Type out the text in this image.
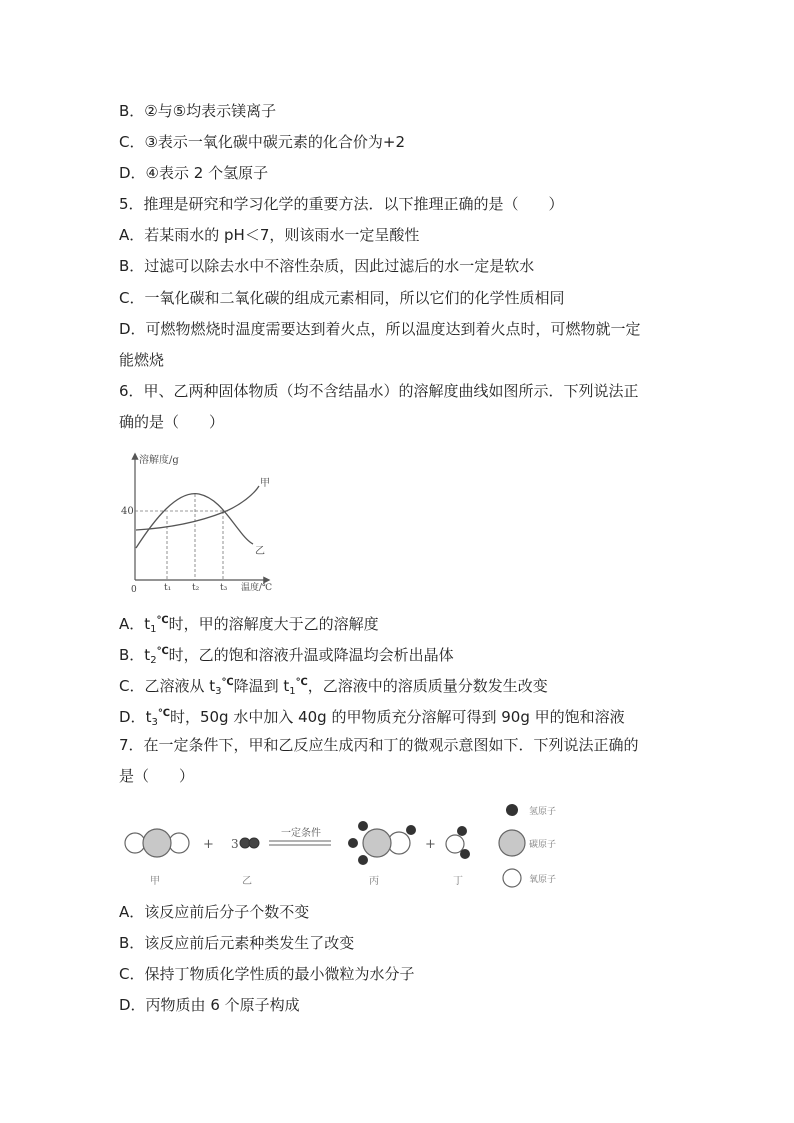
B．②与⑤均表示镁离子
C．③表示一氧化碳中碳元素的化合价为+2
D．④表示 2 个氢原子
5．推理是研究和学习化学的重要方法．以下推理正确的是（　　）
A．若某雨水的 pH＜7，则该雨水一定呈酸性
B．过滤可以除去水中不溶性杂质，因此过滤后的水一定是软水
C．一氧化碳和二氧化碳的组成元素相同，所以它们的化学性质相同
D．可燃物燃烧时温度需要达到着火点，所以温度达到着火点时，可燃物就一定
能燃烧
6．甲、乙两种固体物质（均不含结晶水）的溶解度曲线如图所示．下列说法正
确的是（　　）
溶解度/g
40
0	t₁ t₂ t₃ 温度/℃
甲
乙
A．$t_1^℃$时，甲的溶解度大于乙的溶解度
B．$t_2^℃$时，乙的饱和溶液升温或降温均会析出晶体
C．乙溶液从 $t_3^℃$降温到 $t_1^℃$，乙溶液中的溶质质量分数发生改变
D．$t_3^℃$时，50g 水中加入 40g 的甲物质充分溶解可得到 90g 甲的饱和溶液
7．在一定条件下，甲和乙反应生成丙和丁的微观示意图如下．下列说法正确的
是（　　）
+ 3
一定条件
+
甲	乙	丙	丁
氢原子
碳原子
氧原子
A．该反应前后分子个数不变
B．该反应前后元素种类发生了改变
C．保持丁物质化学性质的最小微粒为水分子
D．丙物质由 6 个原子构成
